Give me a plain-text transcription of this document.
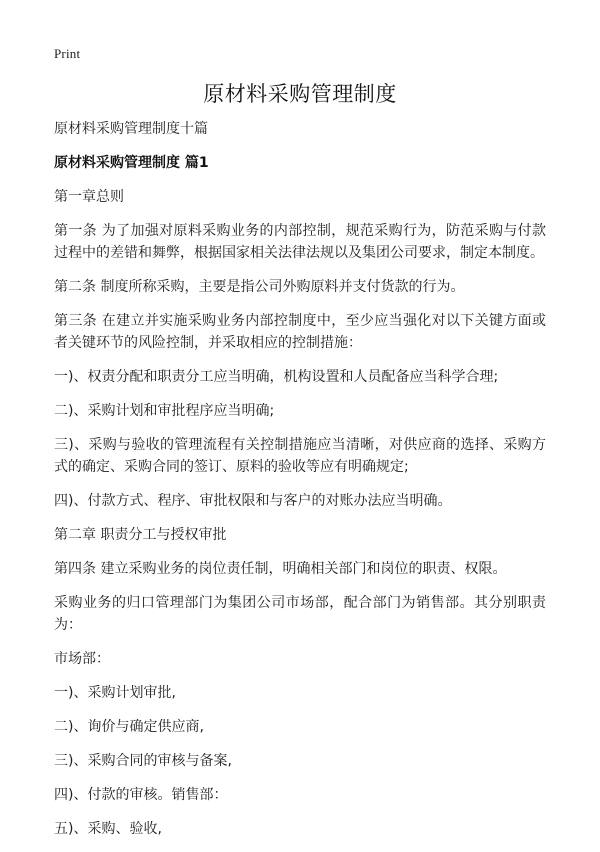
Print
原材料采购管理制度

原材料采购管理制度十篇

原材料采购管理制度 篇1

第一章总则

第一条 为了加强对原料采购业务的内部控制，规范采购行为，防范采购与付款过程中的差错和舞弊，根据国家相关法律法规以及集团公司要求，制定本制度。

第二条 制度所称采购，主要是指公司外购原料并支付货款的行为。

第三条 在建立并实施采购业务内部控制度中，至少应当强化对以下关键方面或者关键环节的风险控制，并采取相应的控制措施：

一)、权责分配和职责分工应当明确，机构设置和人员配备应当科学合理;

二)、采购计划和审批程序应当明确;

三)、采购与验收的管理流程有关控制措施应当清晰，对供应商的选择、采购方式的确定、采购合同的签订、原料的验收等应有明确规定;

四)、付款方式、程序、审批权限和与客户的对账办法应当明确。

第二章 职责分工与授权审批

第四条 建立采购业务的岗位责任制，明确相关部门和岗位的职责、权限。

采购业务的归口管理部门为集团公司市场部，配合部门为销售部。其分别职责为：

市场部：

一)、采购计划审批,

二)、询价与确定供应商,

三)、采购合同的审核与备案,

四)、付款的审核。销售部：

五)、采购、验收,
